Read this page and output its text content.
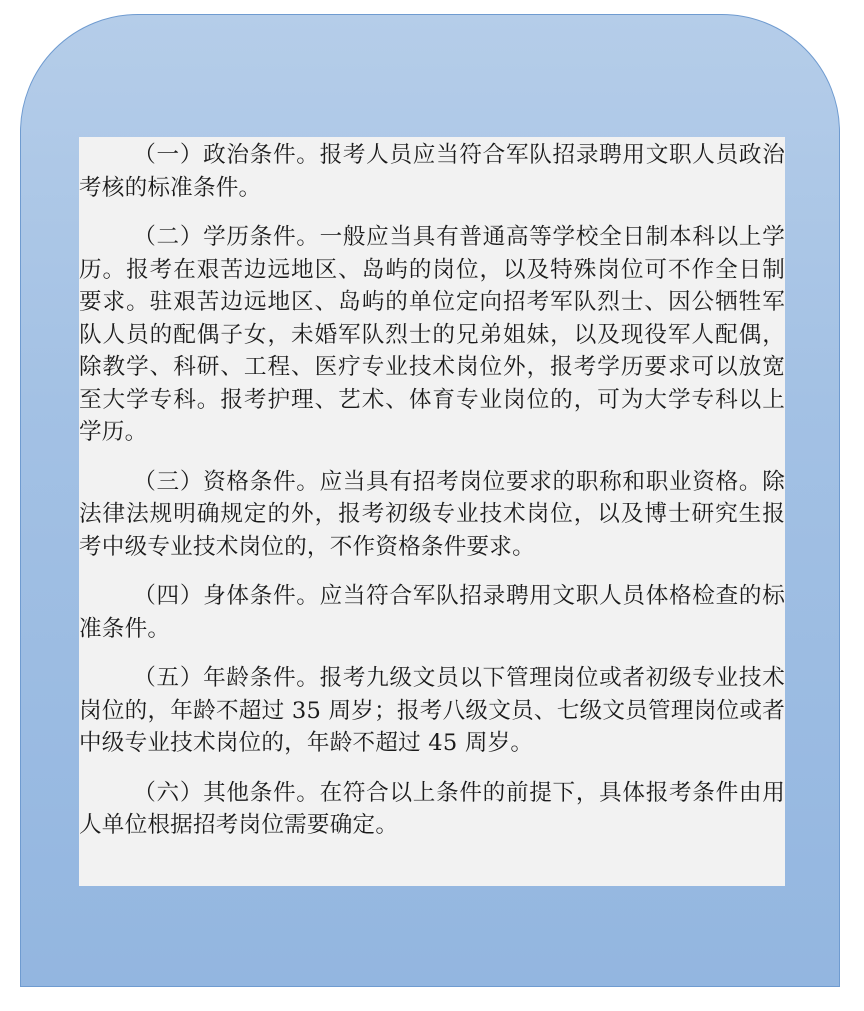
（一）政治条件。报考人员应当符合军队招录聘用文职人员政治考核的标准条件。

（二）学历条件。一般应当具有普通高等学校全日制本科以上学历。报考在艰苦边远地区、岛屿的岗位，以及特殊岗位可不作全日制要求。驻艰苦边远地区、岛屿的单位定向招考军队烈士、因公牺牲军队人员的配偶子女，未婚军队烈士的兄弟姐妹，以及现役军人配偶，除教学、科研、工程、医疗专业技术岗位外，报考学历要求可以放宽至大学专科。报考护理、艺术、体育专业岗位的，可为大学专科以上学历。

（三）资格条件。应当具有招考岗位要求的职称和职业资格。除法律法规明确规定的外，报考初级专业技术岗位，以及博士研究生报考中级专业技术岗位的，不作资格条件要求。

（四）身体条件。应当符合军队招录聘用文职人员体格检查的标准条件。

（五）年龄条件。报考九级文员以下管理岗位或者初级专业技术岗位的，年龄不超过 35 周岁；报考八级文员、七级文员管理岗位或者中级专业技术岗位的，年龄不超过 45 周岁。

（六）其他条件。在符合以上条件的前提下，具体报考条件由用人单位根据招考岗位需要确定。
